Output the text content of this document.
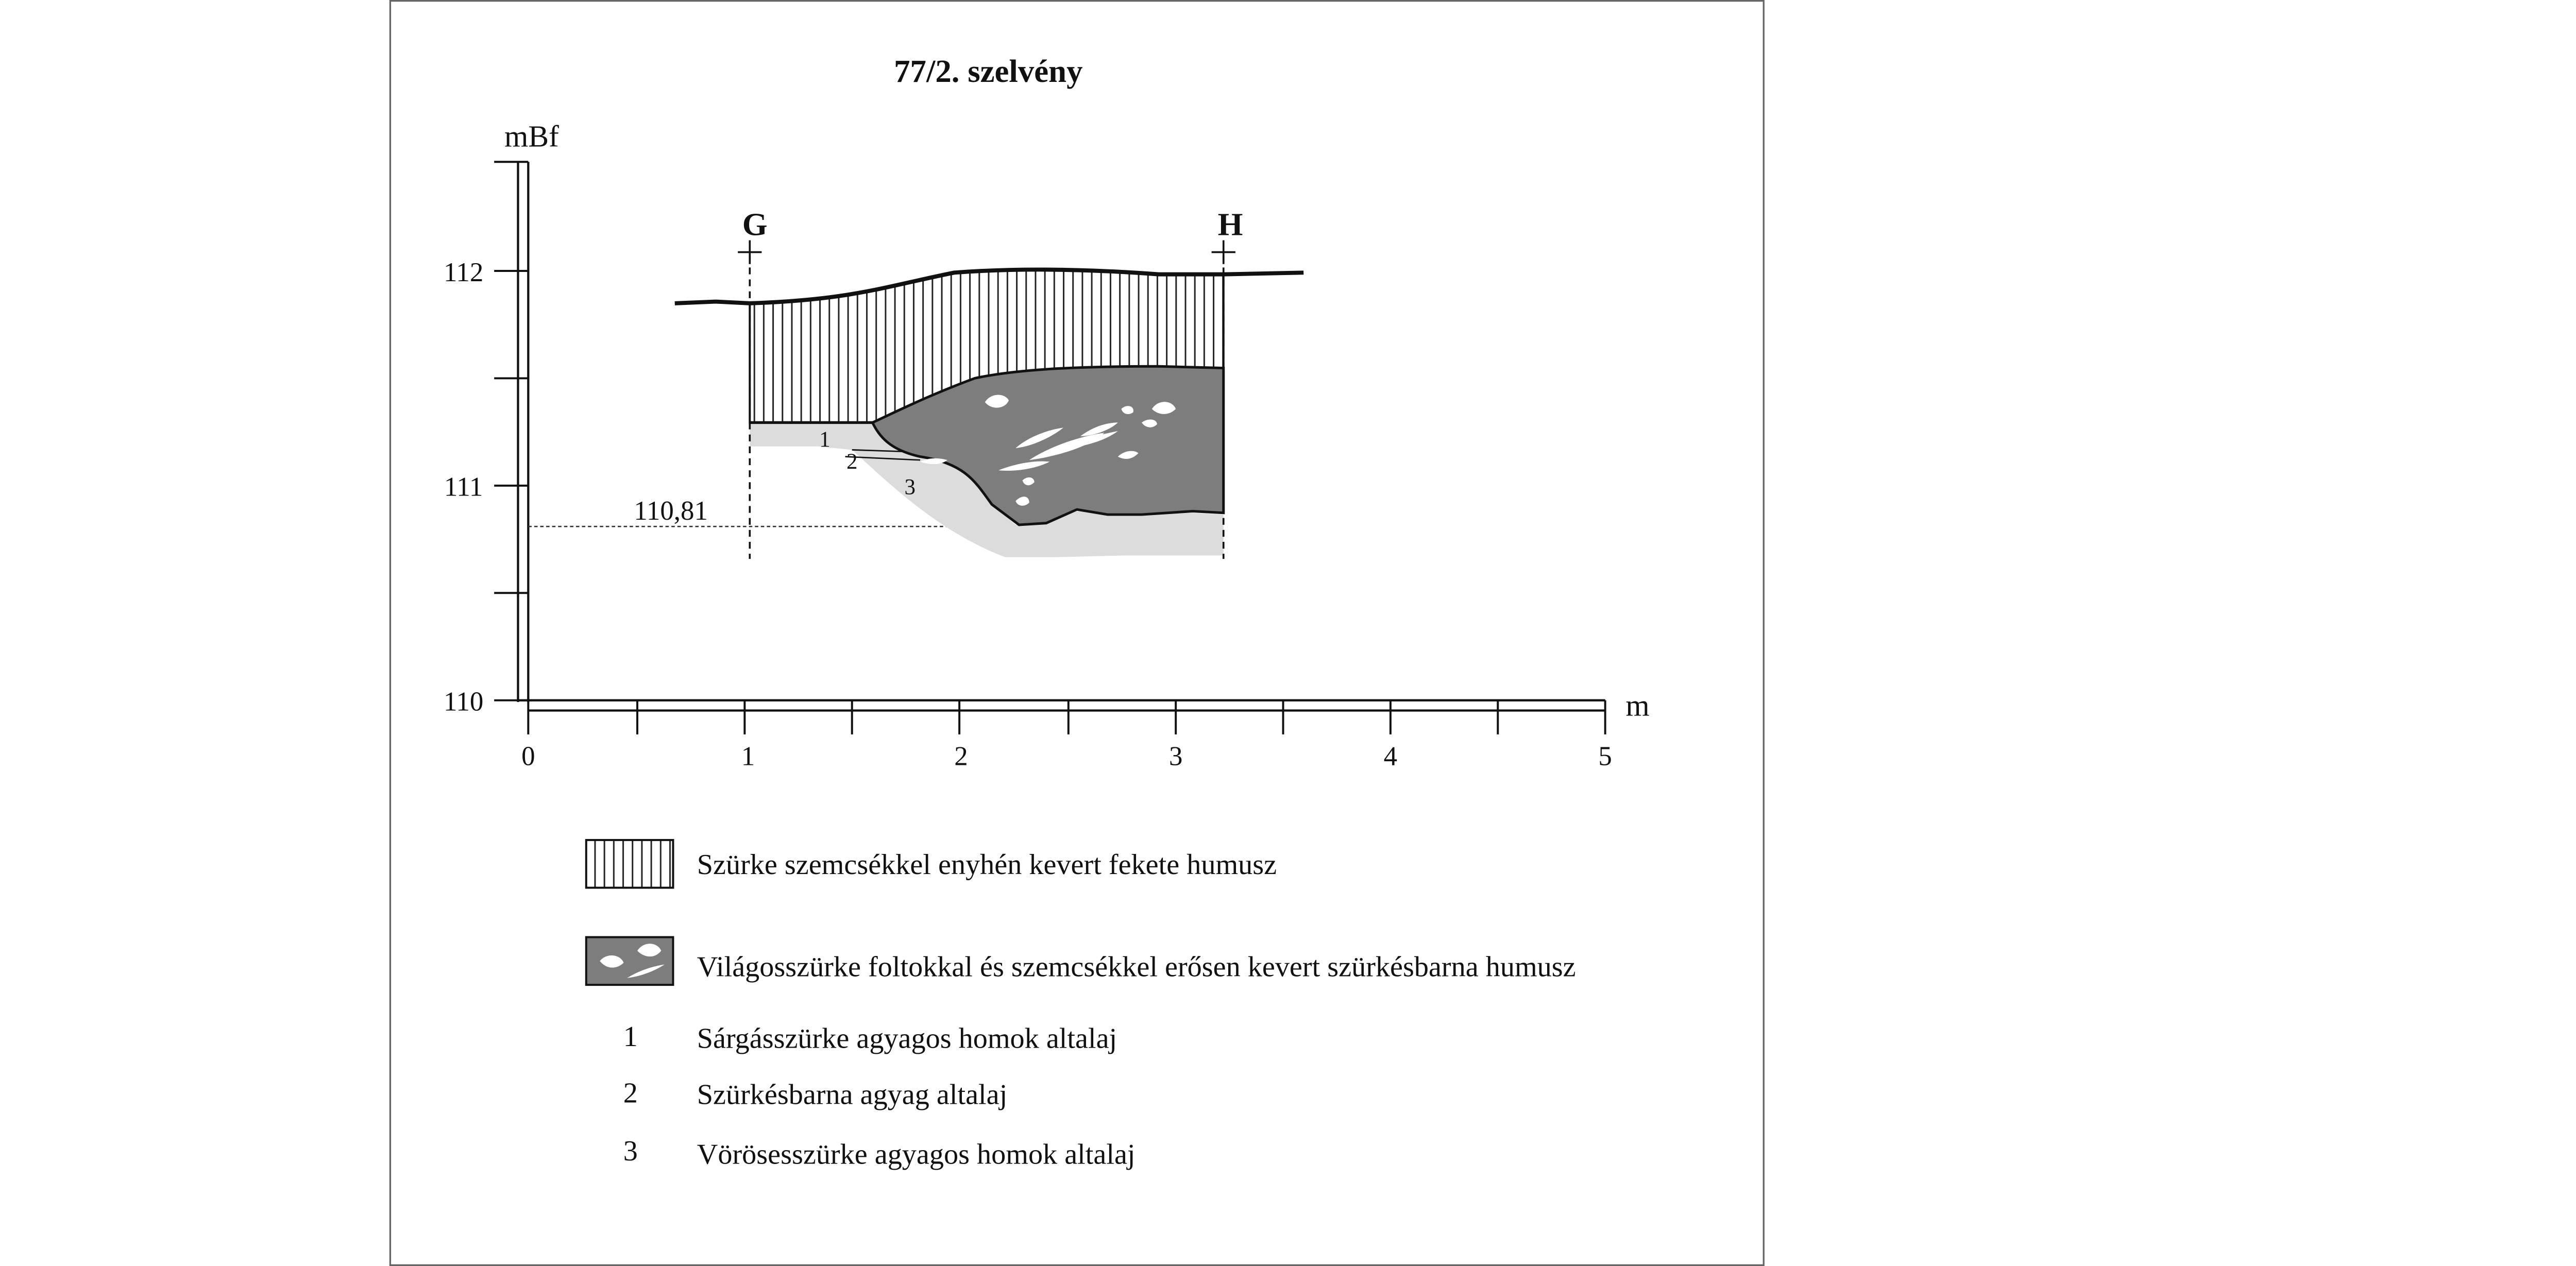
77/2. szelvény
mBf
112
111
110	m
0	1	2	3	4	5
110,81
G	H
1
2
3
Szürke szemcsékkel enyhén kevert fekete humusz
Világosszürke foltokkal és szemcsékkel erősen kevert szürkésbarna humusz
1	Sárgásszürke agyagos homok altalaj
2	Szürkésbarna agyag altalaj
3	Vörösesszürke agyagos homok altalaj
